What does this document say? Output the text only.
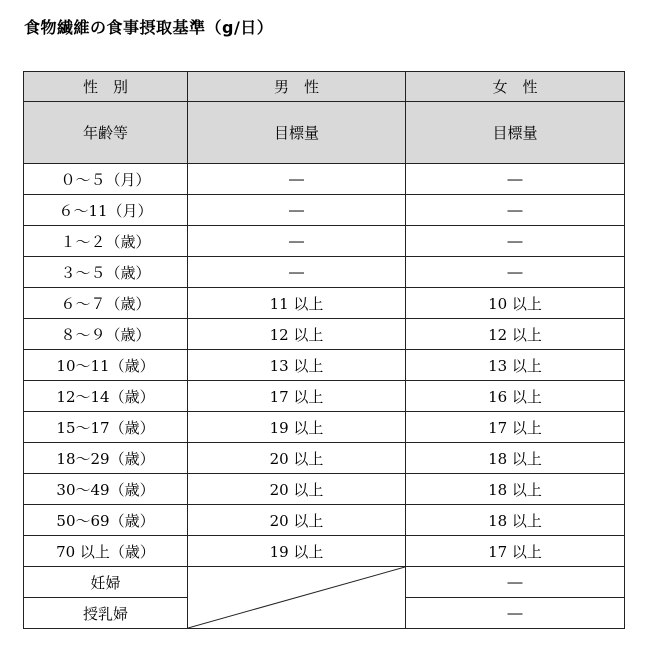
食物繊維の食事摂取基準（g/日）
性　別	男　性	女　性
年齢等	目標量	目標量
０～５（月）	―	―
６～11（月）	―	―
１～２（歳）	―	―
３～５（歳）	―	―
６～７（歳）	11 以上	10 以上
８～９（歳）	12 以上	12 以上
10～11（歳）	13 以上	13 以上
12～14（歳）	17 以上	16 以上
15～17（歳）	19 以上	17 以上
18～29（歳）	20 以上	18 以上
30～49（歳）	20 以上	18 以上
50～69（歳）	20 以上	18 以上
70 以上（歳）	19 以上	17 以上
妊婦		―
授乳婦		―
